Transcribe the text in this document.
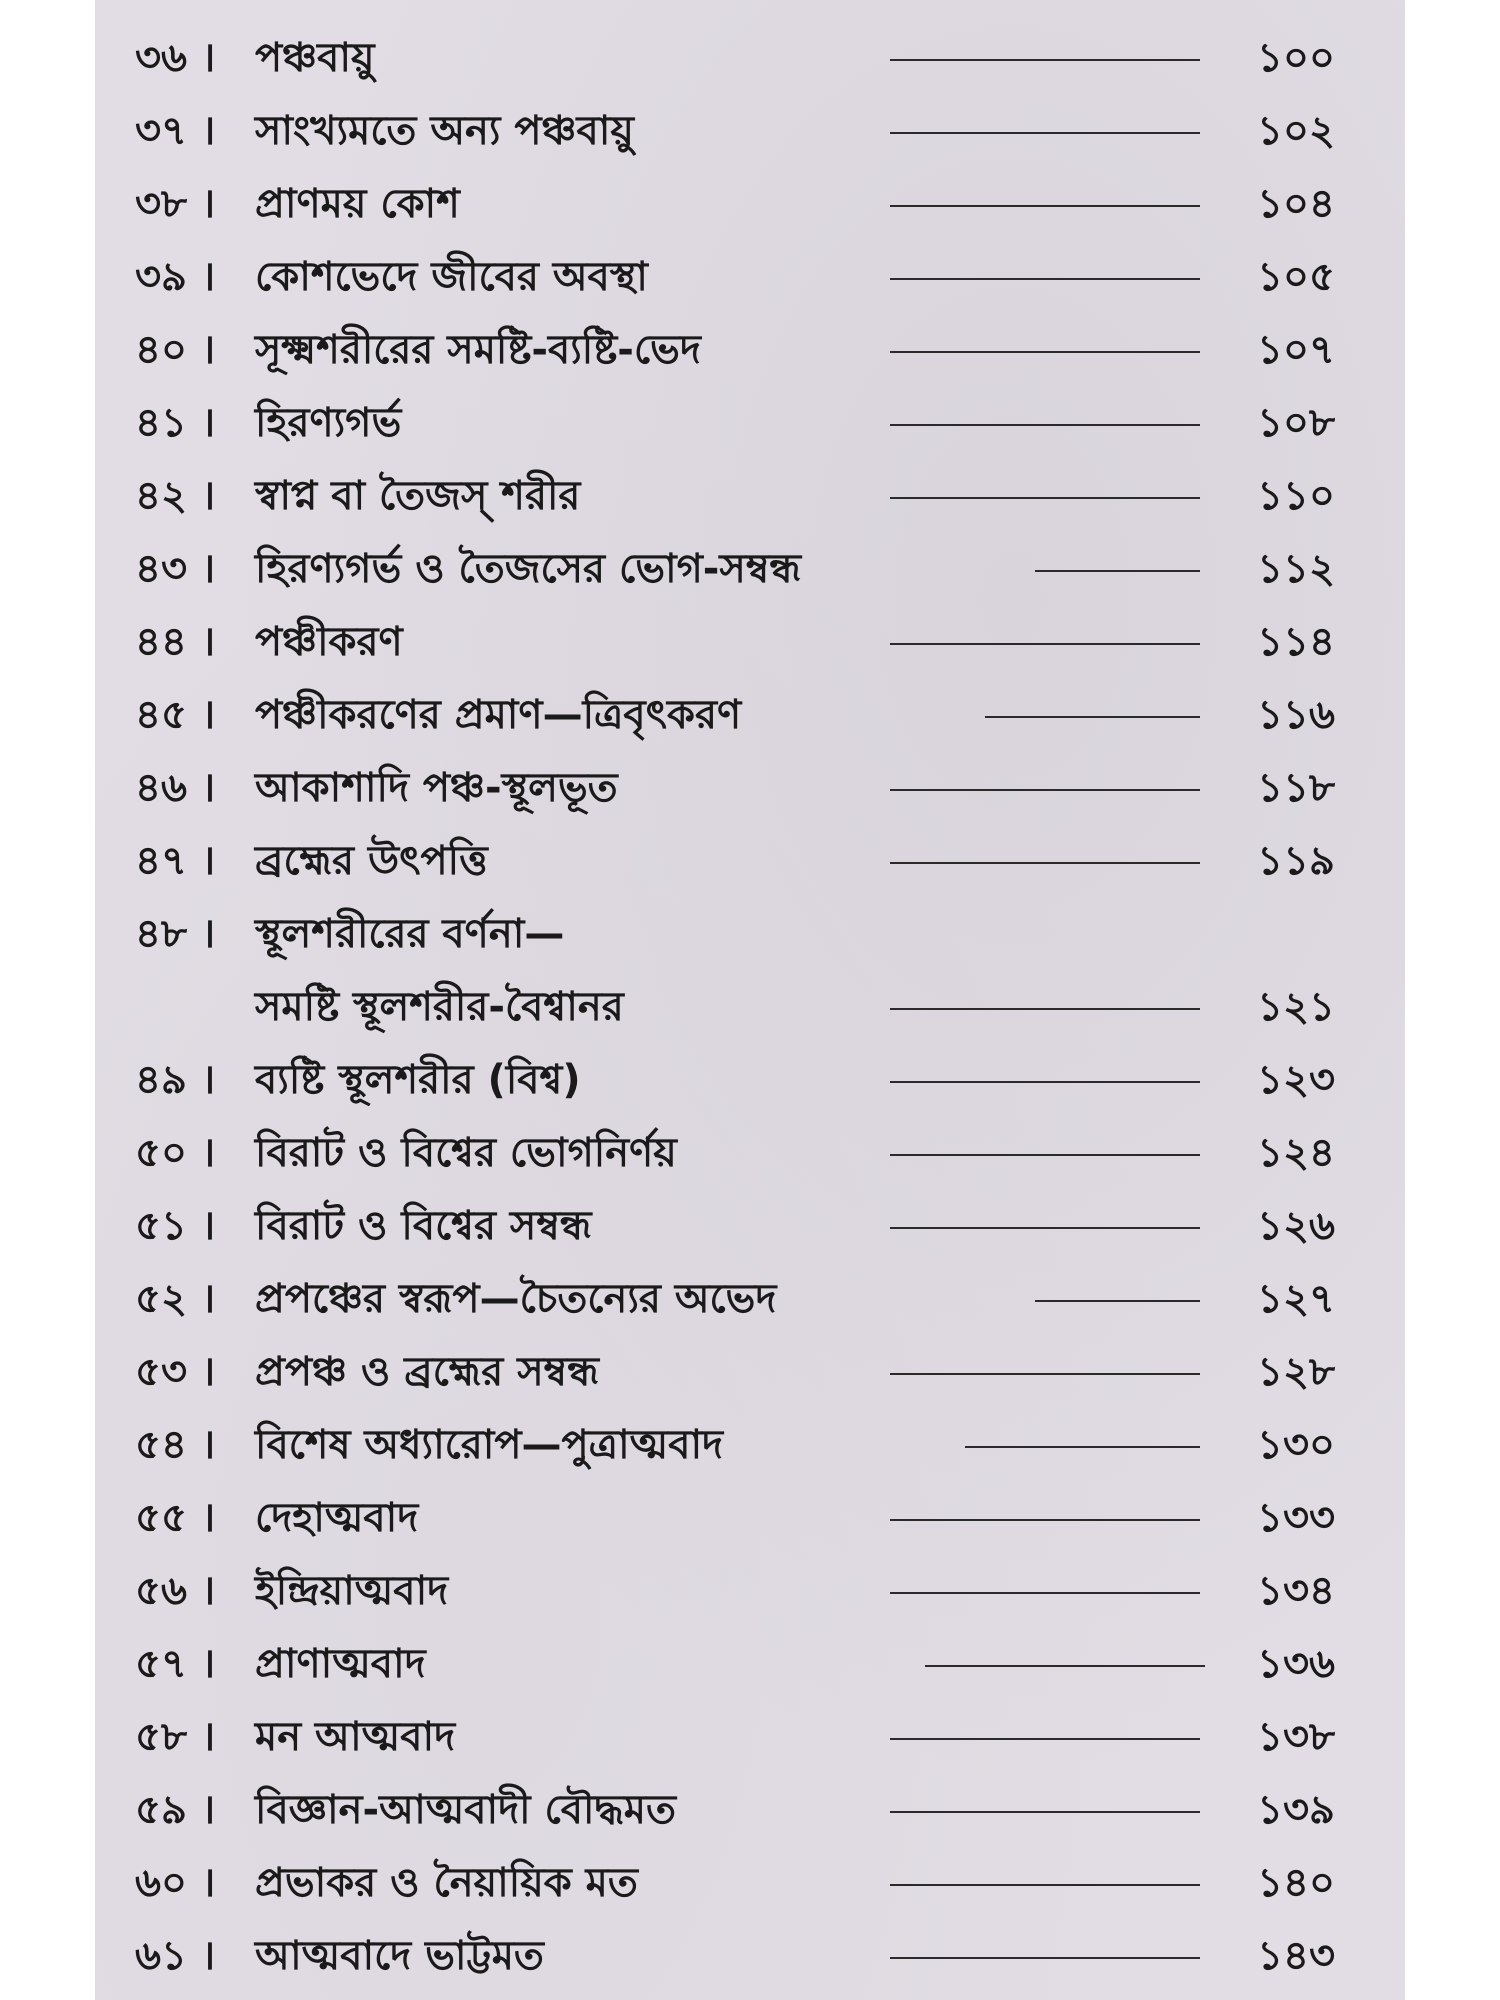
৩৬ । পঞ্চবায়ু	১০০
৩৭ । সাংখ্যমতে অন্য পঞ্চবায়ু	১০২
৩৮ । প্রাণময় কোশ	১০৪
৩৯ । কোশভেদে জীবের অবস্থা	১০৫
৪০ । সূক্ষ্মশরীরের সমষ্টি-ব্যষ্টি-ভেদ	১০৭
৪১ । হিরণ্যগর্ভ	১০৮
৪২ । স্বাপ্ন বা তৈজস্ শরীর	১১০
৪৩ । হিরণ্যগর্ভ ও তৈজসের ভোগ-সম্বন্ধ	১১২
৪৪ । পঞ্চীকরণ	১১৪
৪৫ । পঞ্চীকরণের প্রমাণ—ত্রিবৃৎকরণ	১১৬
৪৬ । আকাশাদি পঞ্চ-স্থূলভূত	১১৮
৪৭ । ব্রহ্মের উৎপত্তি	১১৯
৪৮ । স্থূলশরীরের বর্ণনা—
সমষ্টি স্থূলশরীর-বৈশ্বানর	১২১
৪৯ । ব্যষ্টি স্থূলশরীর (বিশ্ব)	১২৩
৫০ । বিরাট ও বিশ্বের ভোগনির্ণয়	১২৪
৫১ । বিরাট ও বিশ্বের সম্বন্ধ	১২৬
৫২ । প্রপঞ্চের স্বরূপ—চৈতন্যের অভেদ	১২৭
৫৩ । প্রপঞ্চ ও ব্রহ্মের সম্বন্ধ	১২৮
৫৪ । বিশেষ অধ্যারোপ—পুত্রাত্মবাদ	১৩০
৫৫ । দেহাত্মবাদ	১৩৩
৫৬ । ইন্দ্রিয়াত্মবাদ	১৩৪
৫৭ । প্রাণাত্মবাদ	১৩৬
৫৮ । মন আত্মবাদ	১৩৮
৫৯ । বিজ্ঞান-আত্মবাদী বৌদ্ধমত	১৩৯
৬০ । প্রভাকর ও নৈয়ায়িক মত	১৪০
৬১ । আত্মবাদে ভাট্টমত	১৪৩
